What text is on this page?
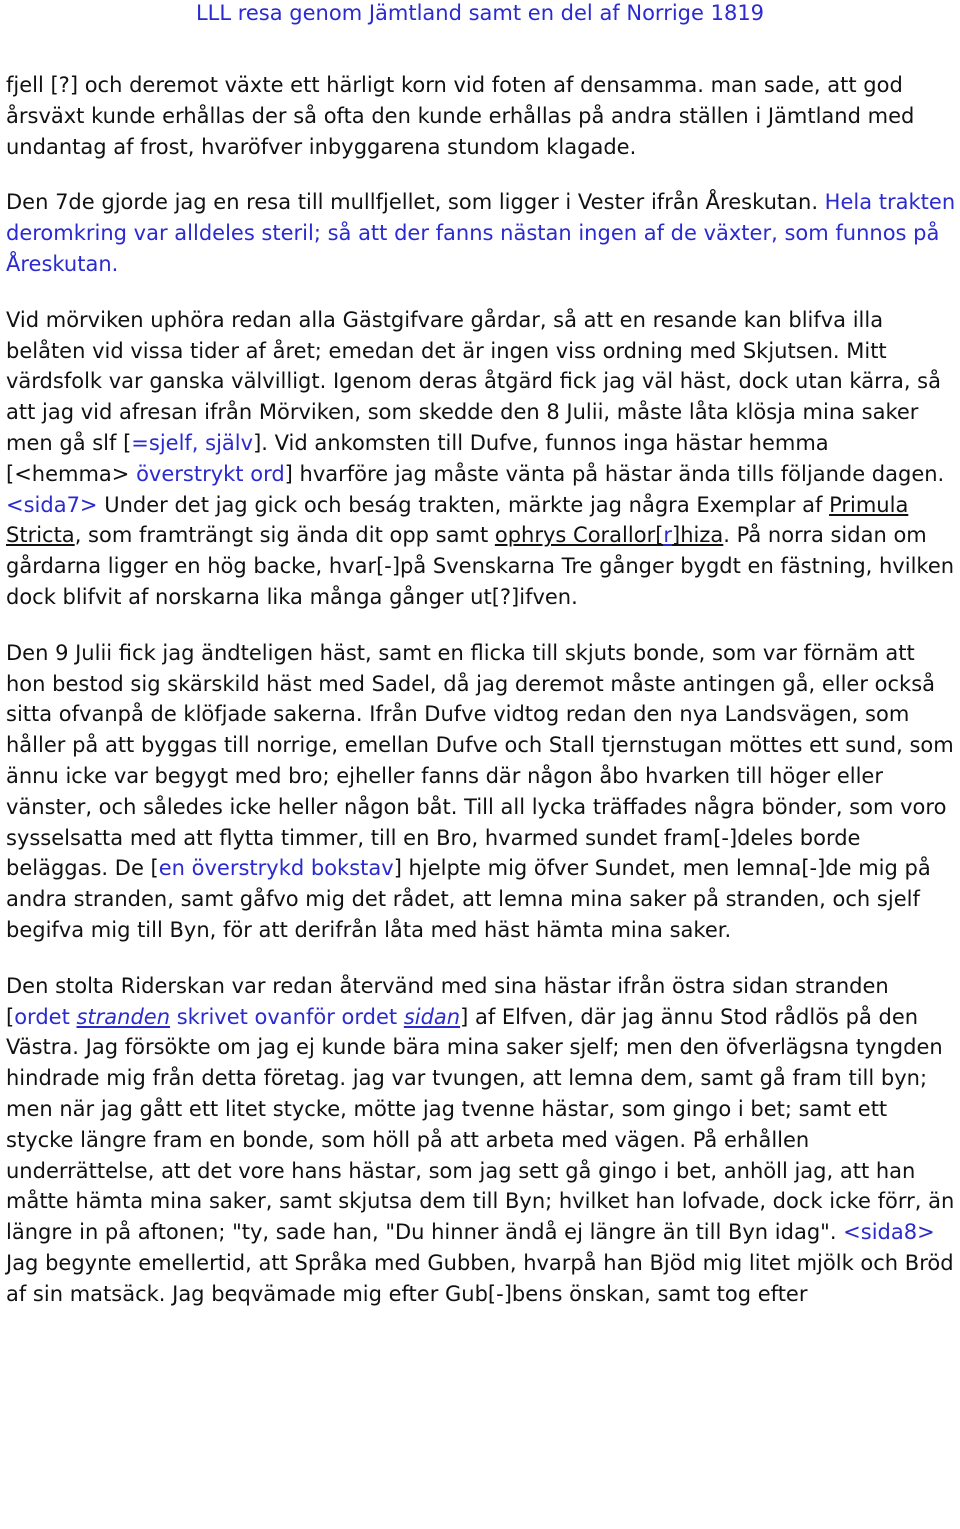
LLL resa genom Jämtland samt en del af Norrige 1819

fjell [?] och deremot växte ett härligt korn vid foten af densamma. man sade, att god årsväxt kunde erhållas der så ofta den kunde erhållas på andra ställen i Jämtland med undantag af frost, hvaröfver inbyggarena stundom klagade.

Den 7de gjorde jag en resa till mullfjellet, som ligger i Vester ifrån Åreskutan. Hela trakten deromkring var alldeles steril; så att der fanns nästan ingen af de växter, som funnos på Åreskutan.

Vid mörviken uphöra redan alla Gästgifvare gårdar, så att en resande kan blifva illa belåten vid vissa tider af året; emedan det är ingen viss ordning med Skjutsen. Mitt värdsfolk var ganska välvilligt. Igenom deras åtgärd fick jag väl häst, dock utan kärra, så att jag vid afresan ifrån Mörviken, som skedde den 8 Julii, måste låta klösja mina saker men gå slf [=sjelf, själv]. Vid ankomsten till Dufve, funnos inga hästar hemma [<hemma> överstrykt ord] hvarföre jag måste vänta på hästar ända tills följande dagen. <sida7> Under det jag gick och beság trakten, märkte jag några Exemplar af Primula Stricta, som framträngt sig ända dit opp samt ophrys Corallor[r]hiza. På norra sidan om gårdarna ligger en hög backe, hvar[-]på Svenskarna Tre gånger bygdt en fästning, hvilken dock blifvit af norskarna lika många gånger ut[?]ifven.

Den 9 Julii fick jag ändteligen häst, samt en flicka till skjuts bonde, som var förnäm att hon bestod sig skärskild häst med Sadel, då jag deremot måste antingen gå, eller också sitta ofvanpå de klöfjade sakerna. Ifrån Dufve vidtog redan den nya Landsvägen, som håller på att byggas till norrige, emellan Dufve och Stall tjernstugan möttes ett sund, som ännu icke var begygt med bro; ejheller fanns där någon åbo hvarken till höger eller vänster, och således icke heller någon båt. Till all lycka träffades några bönder, som voro sysselsatta med att flytta timmer, till en Bro, hvarmed sundet fram[-]deles borde beläggas. De [en överstrykd bokstav] hjelpte mig öfver Sundet, men lemna[-]de mig på andra stranden, samt gåfvo mig det rådet, att lemna mina saker på stranden, och sjelf begifva mig till Byn, för att derifrån låta med häst hämta mina saker.

Den stolta Riderskan var redan återvänd med sina hästar ifrån östra sidan stranden [ordet stranden skrivet ovanför ordet sidan] af Elfven, där jag ännu Stod rådlös på den Västra. Jag försökte om jag ej kunde bära mina saker sjelf; men den öfverlägsna tyngden hindrade mig från detta företag. jag var tvungen, att lemna dem, samt gå fram till byn; men när jag gått ett litet stycke, mötte jag tvenne hästar, som gingo i bet; samt ett stycke längre fram en bonde, som höll på att arbeta med vägen. På erhållen underrättelse, att det vore hans hästar, som jag sett gå gingo i bet, anhöll jag, att han måtte hämta mina saker, samt skjutsa dem till Byn; hvilket han lofvade, dock icke förr, än längre in på aftonen; "ty, sade han, "Du hinner ändå ej längre än till Byn idag". <sida8> Jag begynte emellertid, att Språka med Gubben, hvarpå han Bjöd mig litet mjölk och Bröd af sin matsäck. Jag beqvämade mig efter Gub[-]bens önskan, samt tog efter
